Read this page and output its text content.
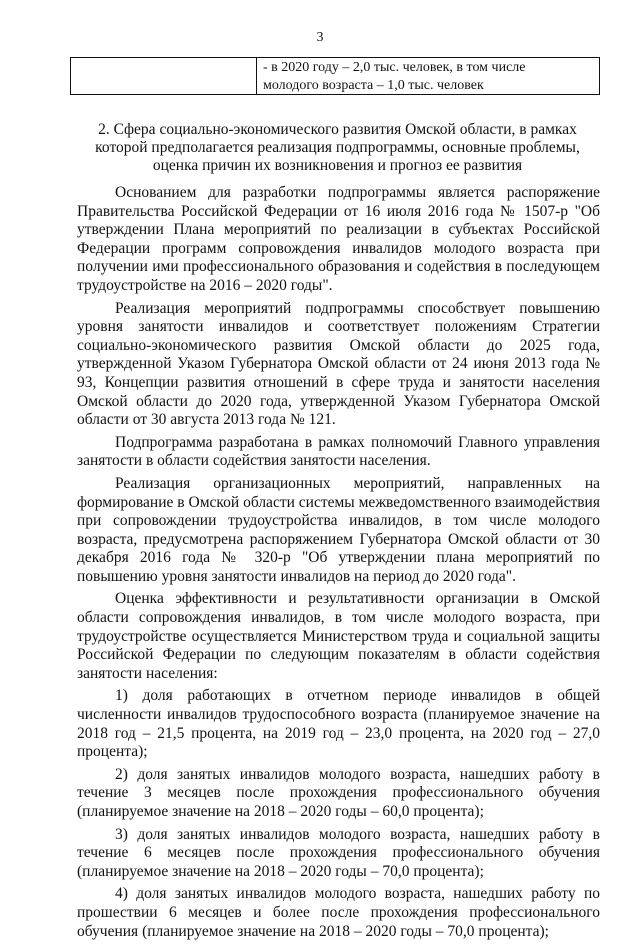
3
- в 2020 году – 2,0 тыс. человек, в том числе
молодого возраста – 1,0 тыс. человек
2. Сфера социально-экономического развития Омской области, в рамках
которой предполагается реализация подпрограммы, основные проблемы,
оценка причин их возникновения и прогноз ее развития

Основанием для разработки подпрограммы является распоряжение Правительства Российской Федерации от 16 июля 2016 года № 1507-р "Об утверждении Плана мероприятий по реализации в субъектах Российской Федерации программ сопровождения инвалидов молодого возраста при получении ими профессионального образования и содействия в последующем трудоустройстве на 2016 – 2020 годы".

Реализация мероприятий подпрограммы способствует повышению уровня занятости инвалидов и соответствует положениям Стратегии социально-экономического развития Омской области до 2025 года, утвержденной Указом Губернатора Омской области от 24 июня 2013 года № 93, Концепции развития отношений в сфере труда и занятости населения Омской области до 2020 года, утвержденной Указом Губернатора Омской области от 30 августа 2013 года № 121.

Подпрограмма разработана в рамках полномочий Главного управления занятости в области содействия занятости населения.

Реализация организационных мероприятий, направленных на формирование в Омской области системы межведомственного взаимодействия при сопровождении трудоустройства инвалидов, в том числе молодого возраста, предусмотрена распоряжением Губернатора Омской области от 30 декабря 2016 года № 320-р "Об утверждении плана мероприятий по повышению уровня занятости инвалидов на период до 2020 года".

Оценка эффективности и результативности организации в Омской области сопровождения инвалидов, в том числе молодого возраста, при трудоустройстве осуществляется Министерством труда и социальной защиты Российской Федерации по следующим показателям в области содействия занятости населения:

1) доля работающих в отчетном периоде инвалидов в общей численности инвалидов трудоспособного возраста (планируемое значение на 2018 год – 21,5 процента, на 2019 год – 23,0 процента, на 2020 год – 27,0 процента);

2) доля занятых инвалидов молодого возраста, нашедших работу в течение 3 месяцев после прохождения профессионального обучения (планируемое значение на 2018 – 2020 годы – 60,0 процента);

3) доля занятых инвалидов молодого возраста, нашедших работу в течение 6 месяцев после прохождения профессионального обучения (планируемое значение на 2018 – 2020 годы – 70,0 процента);

4) доля занятых инвалидов молодого возраста, нашедших работу по прошествии 6 месяцев и более после прохождения профессионального обучения (планируемое значение на 2018 – 2020 годы – 70,0 процента);
